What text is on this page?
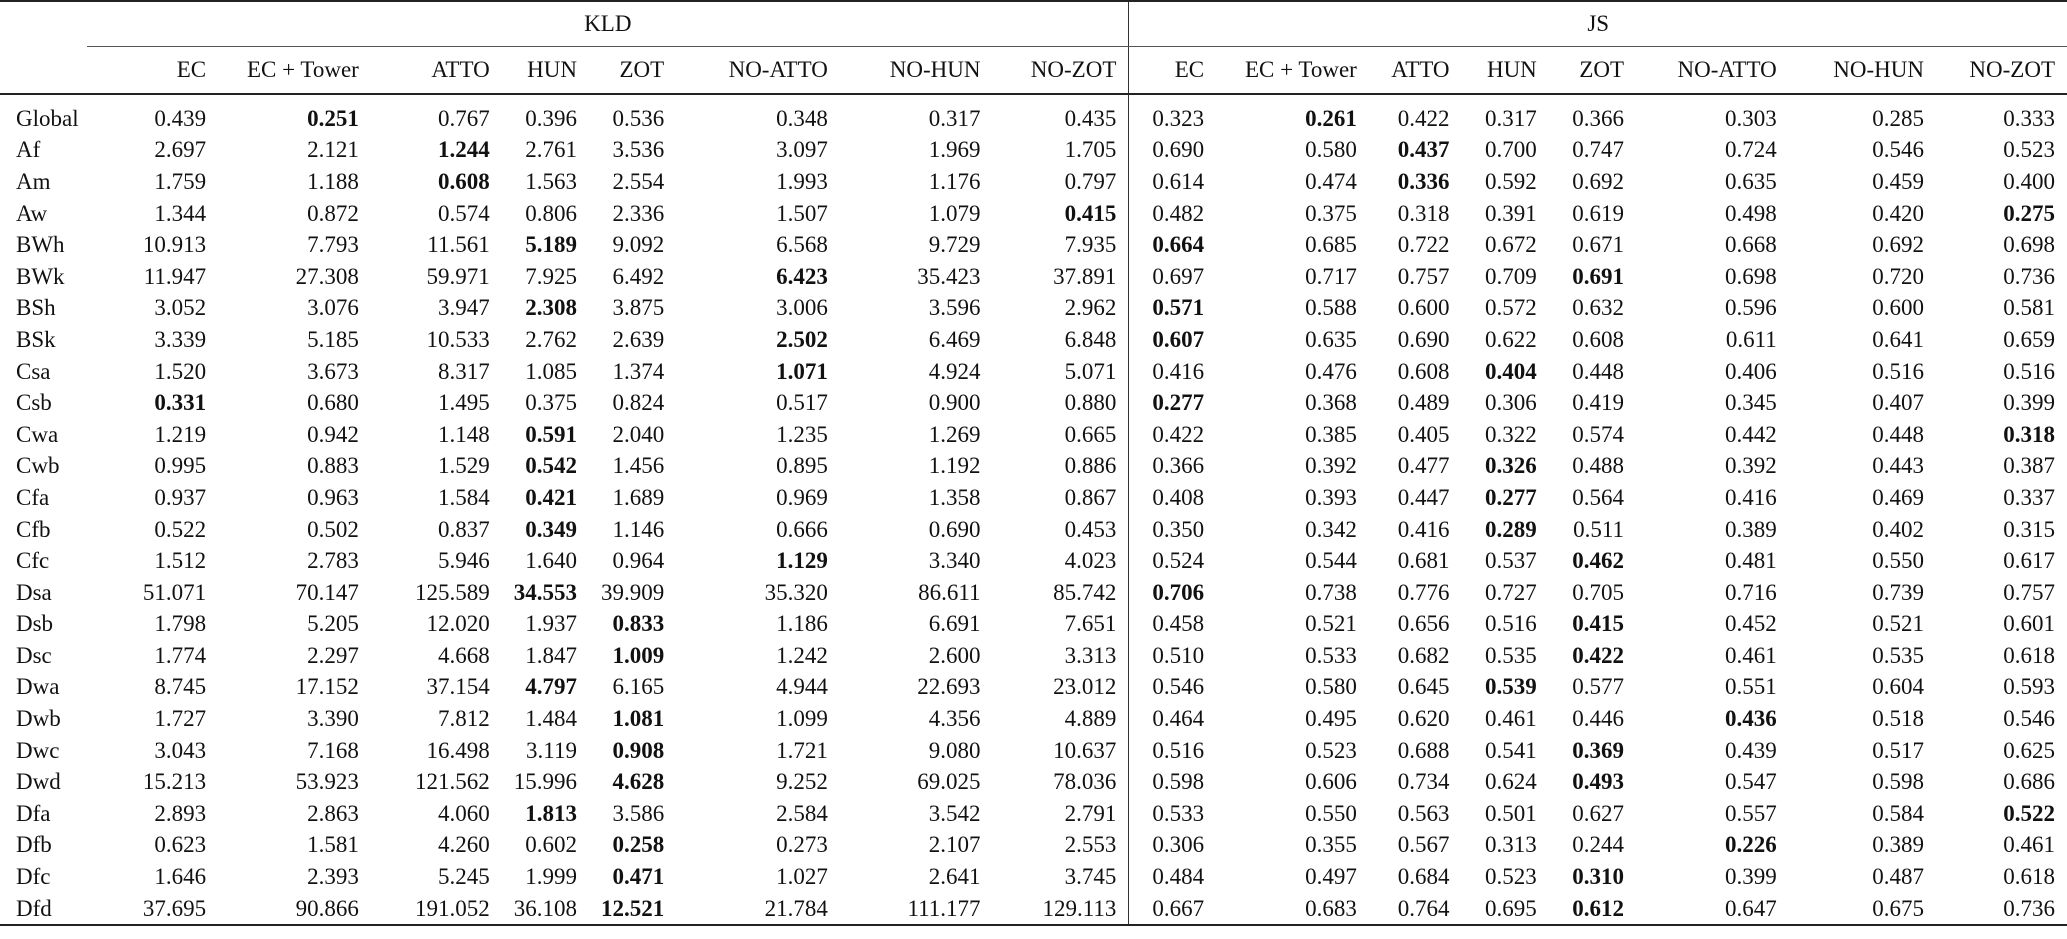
	KLD								JS							
	EC	EC + Tower	ATTO	HUN	ZOT	NO-ATTO	NO-HUN	NO-ZOT	EC	EC + Tower	ATTO	HUN	ZOT	NO-ATTO	NO-HUN	NO-ZOT
Global	0.439	0.251	0.767	0.396	0.536	0.348	0.317	0.435	0.323	0.261	0.422	0.317	0.366	0.303	0.285	0.333
Af	2.697	2.121	1.244	2.761	3.536	3.097	1.969	1.705	0.690	0.580	0.437	0.700	0.747	0.724	0.546	0.523
Am	1.759	1.188	0.608	1.563	2.554	1.993	1.176	0.797	0.614	0.474	0.336	0.592	0.692	0.635	0.459	0.400
Aw	1.344	0.872	0.574	0.806	2.336	1.507	1.079	0.415	0.482	0.375	0.318	0.391	0.619	0.498	0.420	0.275
BWh	10.913	7.793	11.561	5.189	9.092	6.568	9.729	7.935	0.664	0.685	0.722	0.672	0.671	0.668	0.692	0.698
BWk	11.947	27.308	59.971	7.925	6.492	6.423	35.423	37.891	0.697	0.717	0.757	0.709	0.691	0.698	0.720	0.736
BSh	3.052	3.076	3.947	2.308	3.875	3.006	3.596	2.962	0.571	0.588	0.600	0.572	0.632	0.596	0.600	0.581
BSk	3.339	5.185	10.533	2.762	2.639	2.502	6.469	6.848	0.607	0.635	0.690	0.622	0.608	0.611	0.641	0.659
Csa	1.520	3.673	8.317	1.085	1.374	1.071	4.924	5.071	0.416	0.476	0.608	0.404	0.448	0.406	0.516	0.516
Csb	0.331	0.680	1.495	0.375	0.824	0.517	0.900	0.880	0.277	0.368	0.489	0.306	0.419	0.345	0.407	0.399
Cwa	1.219	0.942	1.148	0.591	2.040	1.235	1.269	0.665	0.422	0.385	0.405	0.322	0.574	0.442	0.448	0.318
Cwb	0.995	0.883	1.529	0.542	1.456	0.895	1.192	0.886	0.366	0.392	0.477	0.326	0.488	0.392	0.443	0.387
Cfa	0.937	0.963	1.584	0.421	1.689	0.969	1.358	0.867	0.408	0.393	0.447	0.277	0.564	0.416	0.469	0.337
Cfb	0.522	0.502	0.837	0.349	1.146	0.666	0.690	0.453	0.350	0.342	0.416	0.289	0.511	0.389	0.402	0.315
Cfc	1.512	2.783	5.946	1.640	0.964	1.129	3.340	4.023	0.524	0.544	0.681	0.537	0.462	0.481	0.550	0.617
Dsa	51.071	70.147	125.589	34.553	39.909	35.320	86.611	85.742	0.706	0.738	0.776	0.727	0.705	0.716	0.739	0.757
Dsb	1.798	5.205	12.020	1.937	0.833	1.186	6.691	7.651	0.458	0.521	0.656	0.516	0.415	0.452	0.521	0.601
Dsc	1.774	2.297	4.668	1.847	1.009	1.242	2.600	3.313	0.510	0.533	0.682	0.535	0.422	0.461	0.535	0.618
Dwa	8.745	17.152	37.154	4.797	6.165	4.944	22.693	23.012	0.546	0.580	0.645	0.539	0.577	0.551	0.604	0.593
Dwb	1.727	3.390	7.812	1.484	1.081	1.099	4.356	4.889	0.464	0.495	0.620	0.461	0.446	0.436	0.518	0.546
Dwc	3.043	7.168	16.498	3.119	0.908	1.721	9.080	10.637	0.516	0.523	0.688	0.541	0.369	0.439	0.517	0.625
Dwd	15.213	53.923	121.562	15.996	4.628	9.252	69.025	78.036	0.598	0.606	0.734	0.624	0.493	0.547	0.598	0.686
Dfa	2.893	2.863	4.060	1.813	3.586	2.584	3.542	2.791	0.533	0.550	0.563	0.501	0.627	0.557	0.584	0.522
Dfb	0.623	1.581	4.260	0.602	0.258	0.273	2.107	2.553	0.306	0.355	0.567	0.313	0.244	0.226	0.389	0.461
Dfc	1.646	2.393	5.245	1.999	0.471	1.027	2.641	3.745	0.484	0.497	0.684	0.523	0.310	0.399	0.487	0.618
Dfd	37.695	90.866	191.052	36.108	12.521	21.784	111.177	129.113	0.667	0.683	0.764	0.695	0.612	0.647	0.675	0.736
